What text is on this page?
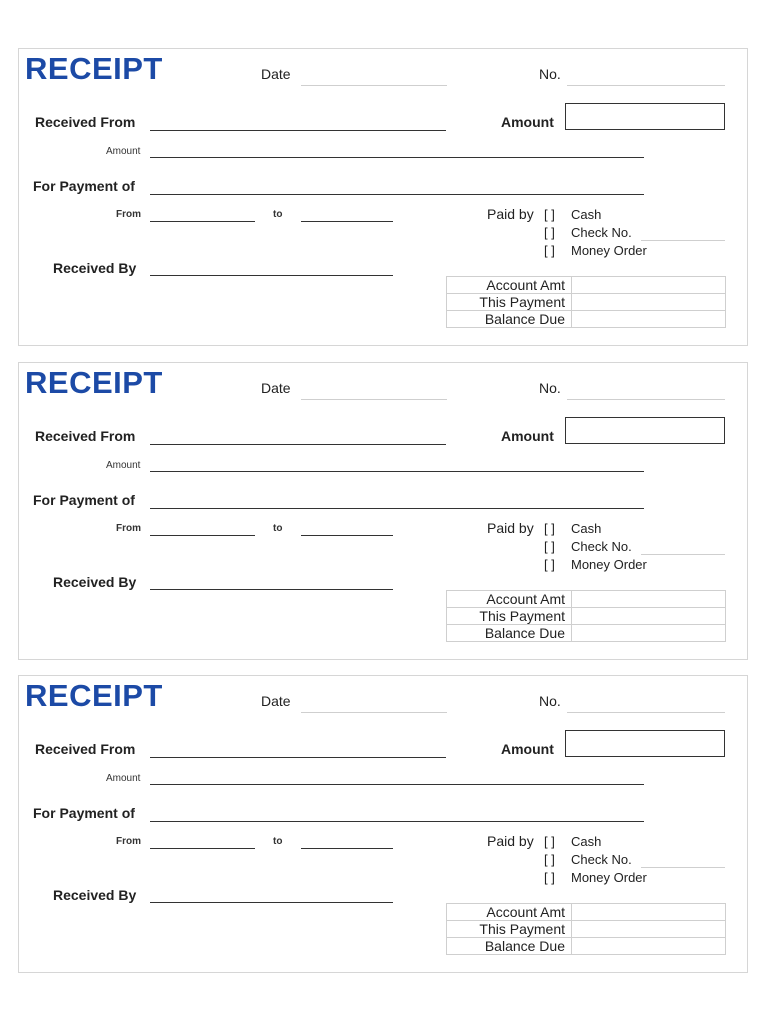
RECEIPT	Date	No.
Received From	Amount
Amount
For Payment of
From	to
Received By
Paid by [ ] Cash
[ ] Check No.
[ ] Money Order
Account Amt	
This Payment	
Balance Due	
RECEIPT	Date	No.
Received From	Amount
Amount
For Payment of
From	to
Received By
Paid by [ ] Cash
[ ] Check No.
[ ] Money Order
Account Amt	
This Payment	
Balance Due	
RECEIPT	Date	No.
Received From	Amount
Amount
For Payment of
From	to
Received By
Paid by [ ] Cash
[ ] Check No.
[ ] Money Order
Account Amt	
This Payment	
Balance Due	
